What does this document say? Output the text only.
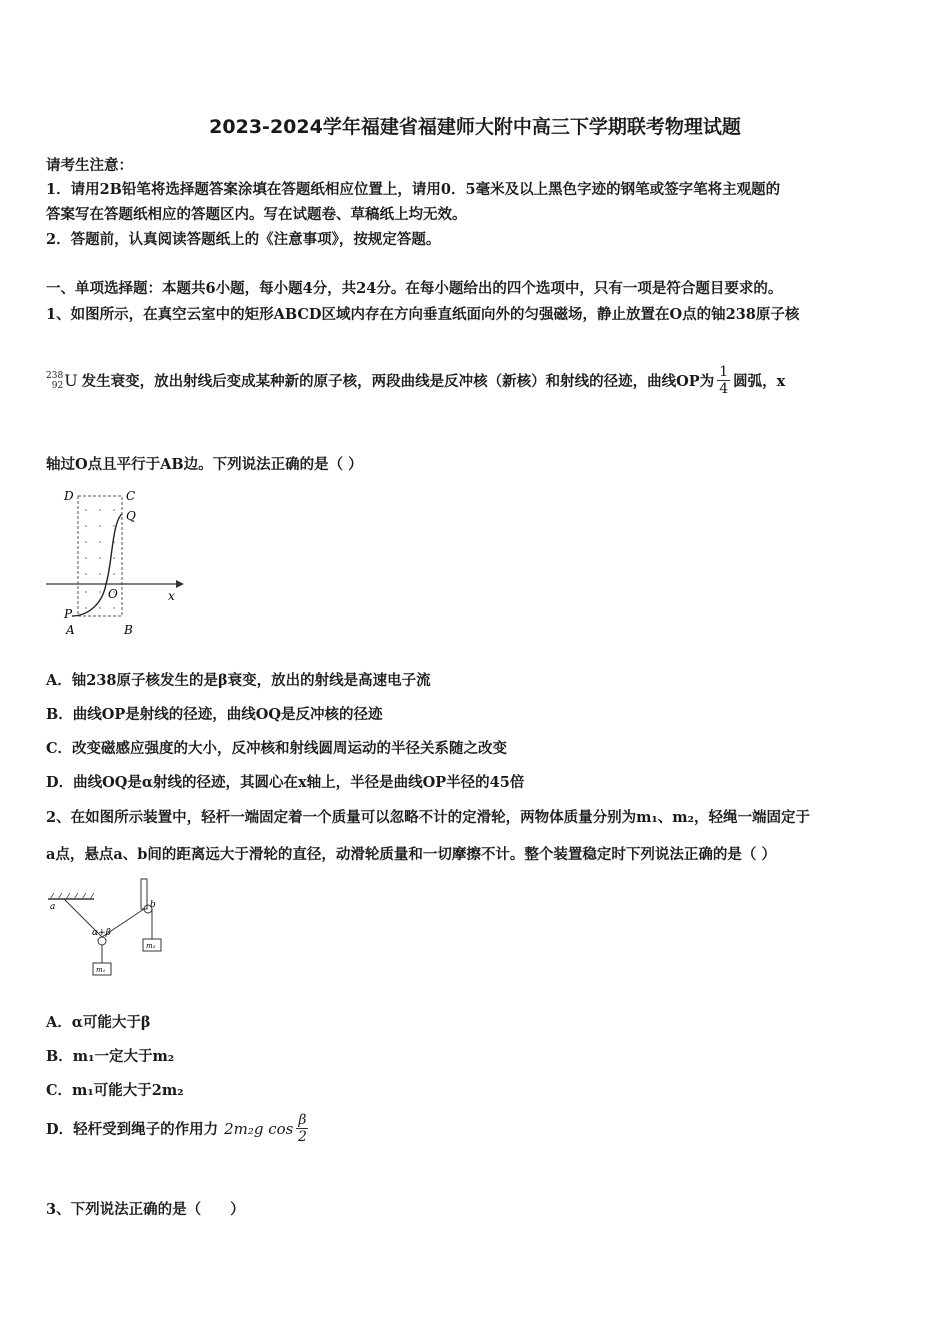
2023-2024学年福建省福建师大附中高三下学期联考物理试题
请考生注意：
1．请用2B铅笔将选择题答案涂填在答题纸相应位置上，请用0．5毫米及以上黑色字迹的钢笔或签字笔将主观题的
答案写在答题纸相应的答题区内。写在试题卷、草稿纸上均无效。
2．答题前，认真阅读答题纸上的《注意事项》，按规定答题。
一、单项选择题：本题共6小题，每小题4分，共24分。在每小题给出的四个选项中，只有一项是符合题目要求的。
1、如图所示，在真空云室中的矩形ABCD区域内存在方向垂直纸面向外的匀强磁场，静止放置在O点的铀238原子核
238
92 U 发生衰变，放出射线后变成某种新的原子核，两段曲线是反冲核（新核）和射线的径迹，曲线OP为 $\frac{1}{4}$ 圆弧，x
轴过O点且平行于AB边。下列说法正确的是（ ）
D	C
Q
O	x
P
A	B
A．铀238原子核发生的是β衰变，放出的射线是高速电子流
B．曲线OP是射线的径迹，曲线OQ是反冲核的径迹
C．改变磁感应强度的大小，反冲核和射线圆周运动的半径关系随之改变
D．曲线OQ是α射线的径迹，其圆心在x轴上，半径是曲线OP半径的45倍
2、在如图所示装置中，轻杆一端固定着一个质量可以忽略不计的定滑轮，两物体质量分别为m₁、m₂，轻绳一端固定于
a点，悬点a、b间的距离远大于滑轮的直径，动滑轮质量和一切摩擦不计。整个装置稳定时下列说法正确的是（ ）
a	b
α+β
m₁
m₂
A．α可能大于β
B．m₁一定大于m₂
C．m₁可能大于2m₂
D．轻杆受到绳子的作用力 2m₂g $\cos \frac{\beta}{2}$
3、下列说法正确的是（　　）
